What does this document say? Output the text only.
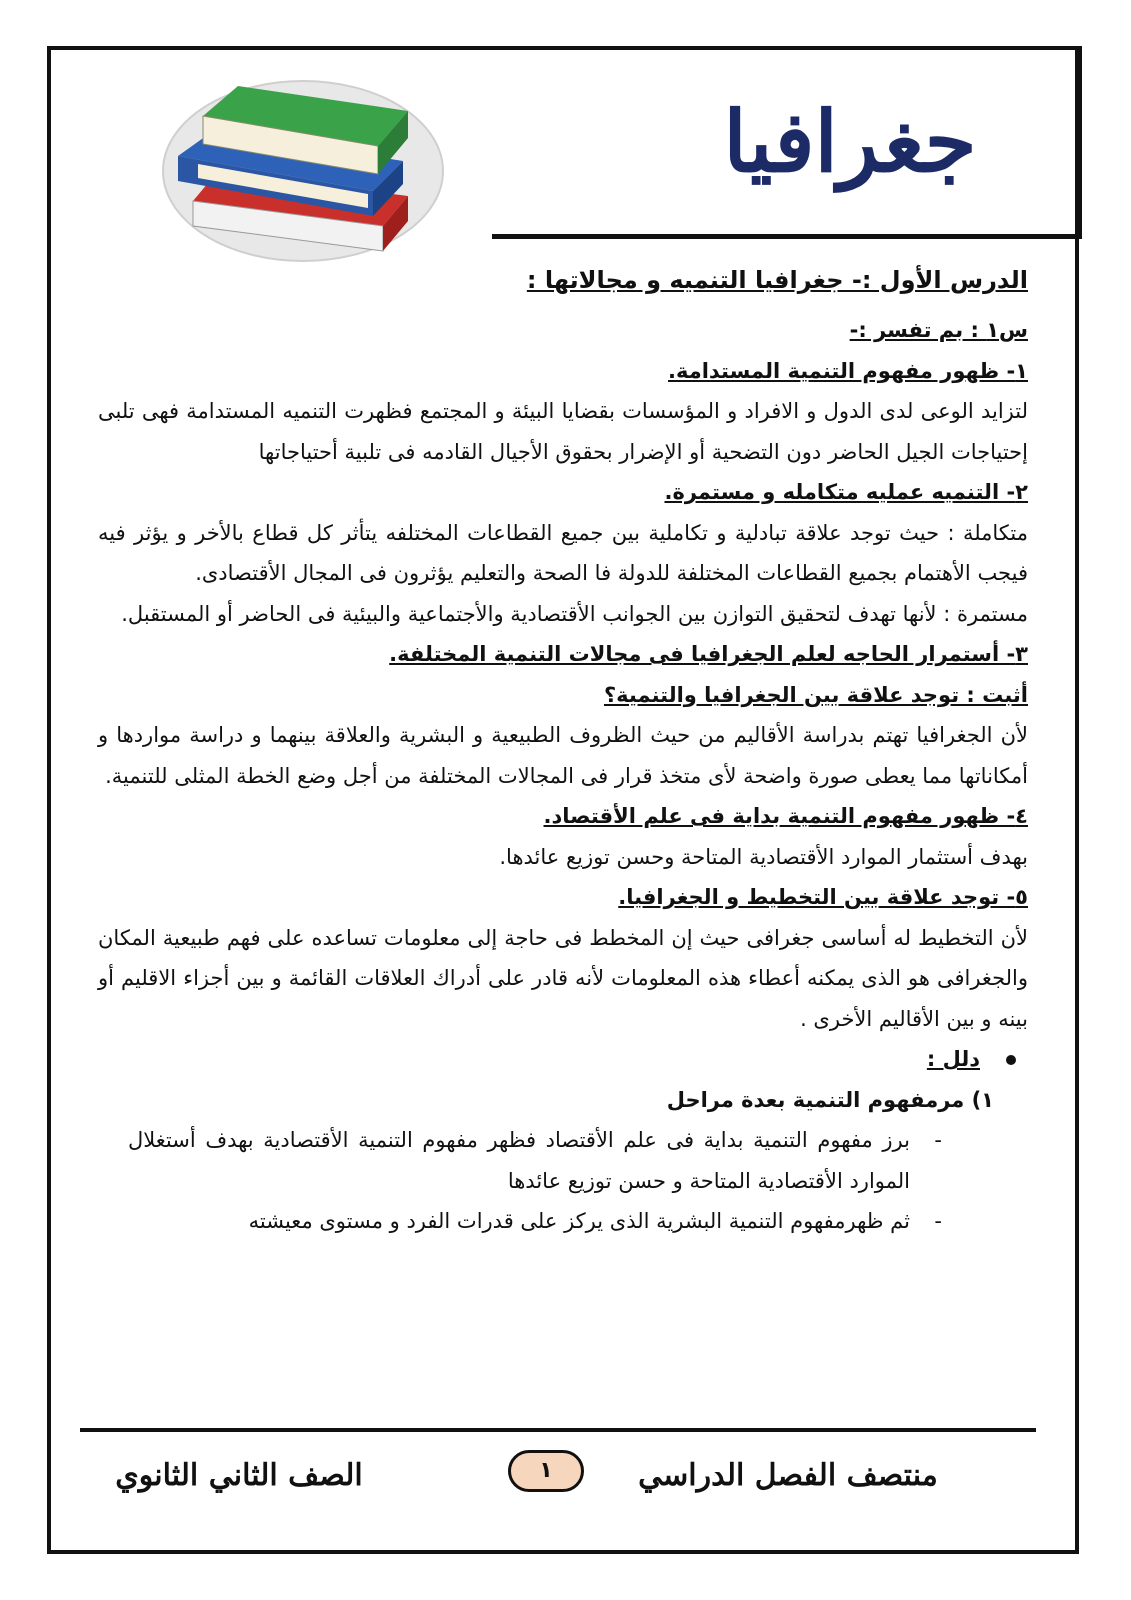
جغرافيا

الدرس الأول :- جغرافيا التنميه و مجالاتها :

س١ : بم تفسر :-

١- ظهور مفهوم التنمية المستدامة.

لتزايد الوعى لدى الدول و الافراد و المؤسسات بقضايا البيئة و المجتمع فظهرت التنميه المستدامة فهى تلبى إحتياجات الجيل الحاضر دون التضحية أو الإضرار بحقوق الأجيال القادمه فى تلبية أحتياجاتها

٢- التنميه عمليه متكامله و مستمرة.

متكاملة : حيث توجد علاقة تبادلية و تكاملية بين جميع القطاعات المختلفه يتأثر كل قطاع بالأخر و يؤثر فيه فيجب الأهتمام بجميع القطاعات المختلفة للدولة فا الصحة والتعليم يؤثرون فى المجال الأقتصادى.

مستمرة : لأنها تهدف لتحقيق التوازن بين الجوانب الأقتصادية والأجتماعية والبيئية فى الحاضر أو المستقبل.

٣- أستمرار الحاجه لعلم الجغرافيا فى مجالات التنمية المختلفة.

أثبت : توجد علاقة بين الجغرافيا والتنمية؟

لأن الجغرافيا تهتم بدراسة الأقاليم من حيث الظروف الطبيعية و البشرية والعلاقة بينهما و دراسة مواردها و أمكاناتها مما يعطى صورة واضحة لأى متخذ قرار فى المجالات المختلفة من أجل وضع الخطة المثلى للتنمية.

٤- ظهور مفهوم التنمية بداية فى علم الأقتصاد.

بهدف أستثمار الموارد الأقتصادية المتاحة وحسن توزيع عائدها.

٥- توجد علاقة بين التخطيط و الجغرافيا.

لأن التخطيط له أساسى جغرافى حيث إن المخطط فى حاجة إلى معلومات تساعده على فهم طبيعية المكان والجغرافى هو الذى يمكنه أعطاء هذه المعلومات لأنه قادر على أدراك العلاقات القائمة و بين أجزاء الاقليم أو بينه و بين الأقاليم الأخرى .

دلل :

١) مرمفهوم التنمية بعدة مراحل

- برز مفهوم التنمية بداية فى علم الأقتصاد فظهر مفهوم التنمية الأقتصادية بهدف أستغلال الموارد الأقتصادية المتاحة و حسن توزيع عائدها

- ثم ظهرمفهوم التنمية البشرية الذى يركز على قدرات الفرد و مستوى معيشته

منتصف الفصل الدراسي
١
الصف الثاني الثانوي
